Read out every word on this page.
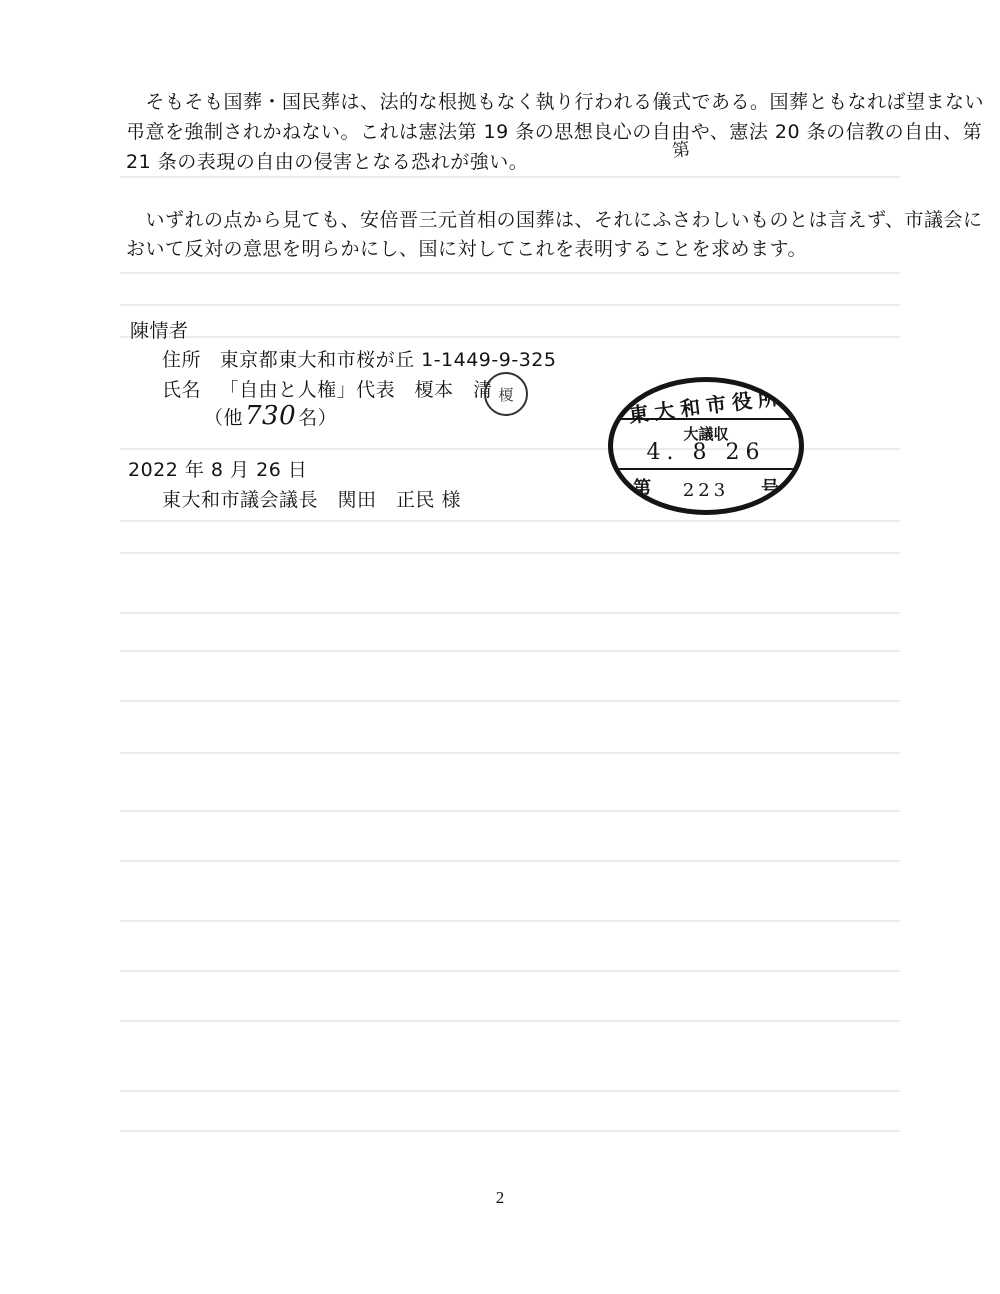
　そもそも国葬・国民葬は、法的な根拠もなく執り行われる儀式である。国葬ともなれば望まない
弔意を強制されかねない。これは憲法第 19 条の思想良心の自由や、憲法 20 条の信教の自由、第
21 条の表現の自由の侵害となる恐れが強い。	第
　いずれの点から見ても、安倍晋三元首相の国葬は、それにふさわしいものとは言えず、市議会に
おいて反対の意思を明らかにし、国に対してこれを表明することを求めます。
陳情者
住所 東京都東大和市桜が丘 1-1449-9-325
氏名 「自由と人権」代表　榎本　清 榎
（他730 名）	東大和市役所
大議収
4. 8 26
第	223	号
2022 年 8 月 26 日
東大和市議会議長　関田　正民 様
2
